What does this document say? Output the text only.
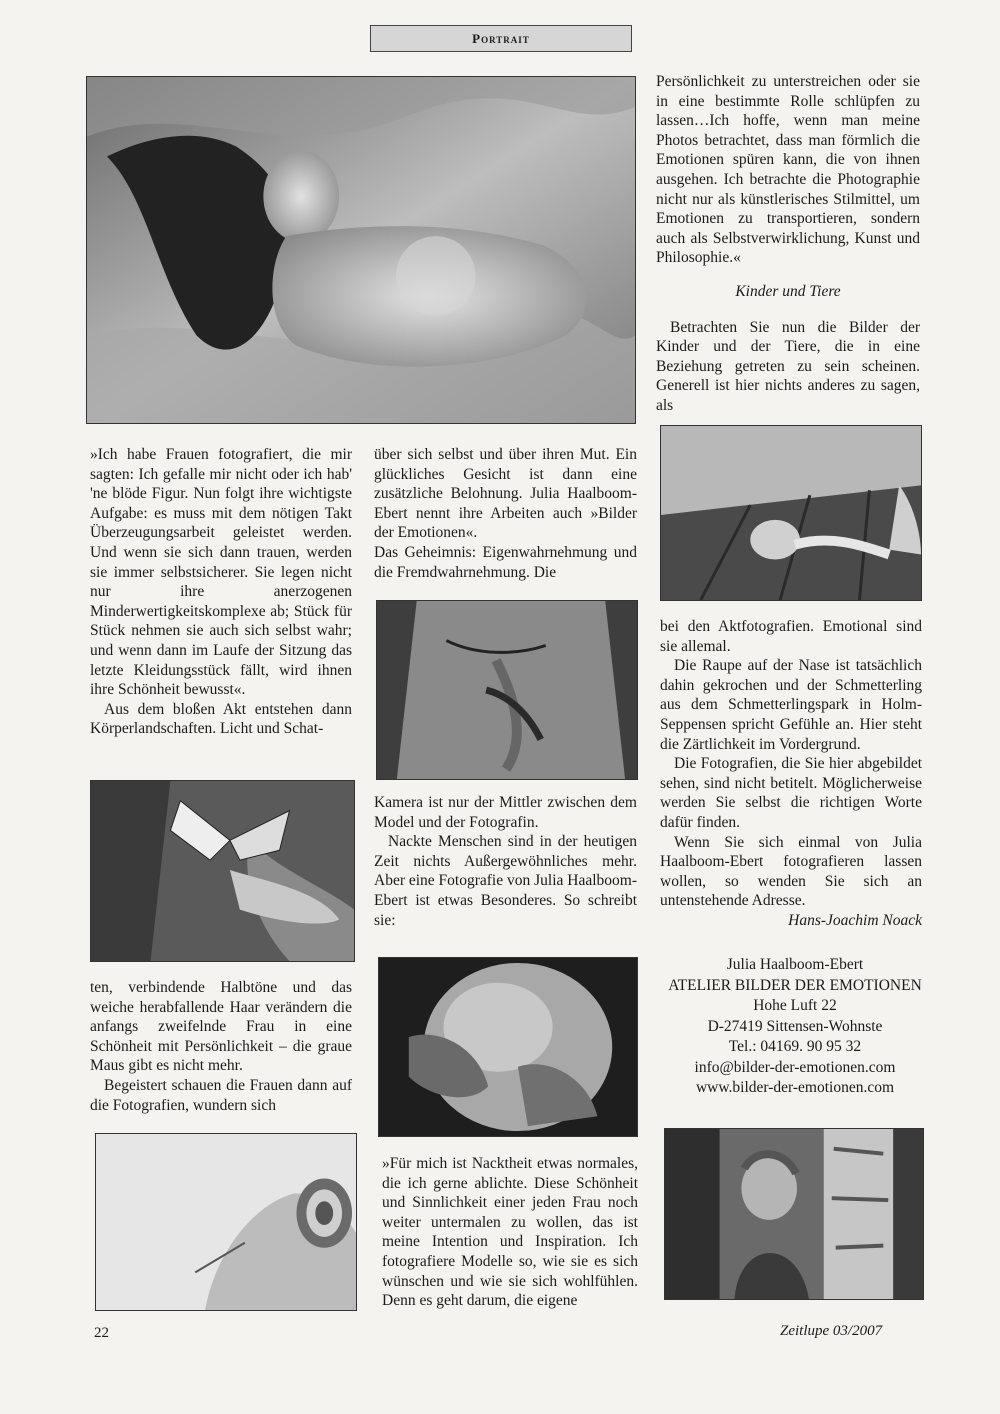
Portrait

»Ich habe Frauen fotografiert, die mir sagten: Ich gefalle mir nicht oder ich hab' 'ne blöde Figur. Nun folgt ihre wichtigste Aufgabe: es muss mit dem nötigen Takt Überzeugungsarbeit geleistet werden. Und wenn sie sich dann trauen, werden sie immer selbstsicherer. Sie legen nicht nur ihre anerzogenen Minderwertigkeitskomplexe ab; Stück für Stück nehmen sie auch sich selbst wahr; und wenn dann im Laufe der Sitzung das letzte Kleidungsstück fällt, wird ihnen ihre Schönheit bewusst«.

Aus dem bloßen Akt entstehen dann Körperlandschaften. Licht und Schat-

ten, verbindende Halbtöne und das weiche herabfallende Haar verändern die anfangs zweifelnde Frau in eine Schönheit mit Persönlichkeit – die graue Maus gibt es nicht mehr.

Begeistert schauen die Frauen dann auf die Fotografien, wundern sich

über sich selbst und über ihren Mut. Ein glückliches Gesicht ist dann eine zusätzliche Belohnung. Julia Haalboom-Ebert nennt ihre Arbeiten auch »Bilder der Emotionen«.

Das Geheimnis: Eigenwahrnehmung und die Fremdwahrnehmung. Die

Kamera ist nur der Mittler zwischen dem Model und der Fotografin.

Nackte Menschen sind in der heutigen Zeit nichts Außergewöhnliches mehr. Aber eine Fotografie von Julia Haalboom-Ebert ist etwas Besonderes. So schreibt sie:

»Für mich ist Nacktheit etwas normales, die ich gerne ablichte. Diese Schönheit und Sinnlichkeit einer jeden Frau noch weiter untermalen zu wollen, das ist meine Intention und Inspiration. Ich fotografiere Modelle so, wie sie es sich wünschen und wie sie sich wohlfühlen. Denn es geht darum, die eigene

Persönlichkeit zu unterstreichen oder sie in eine bestimmte Rolle schlüpfen zu lassen…Ich hoffe, wenn man meine Photos betrachtet, dass man förmlich die Emotionen spüren kann, die von ihnen ausgehen. Ich betrachte die Photographie nicht nur als künstlerisches Stilmittel, um Emotionen zu transportieren, sondern auch als Selbstverwirklichung, Kunst und Philosophie.«

Kinder und Tiere

Betrachten Sie nun die Bilder der Kinder und der Tiere, die in eine Beziehung getreten zu sein scheinen. Generell ist hier nichts anderes zu sagen, als

bei den Aktfotografien. Emotional sind sie allemal.

Die Raupe auf der Nase ist tatsächlich dahin gekrochen und der Schmetterling aus dem Schmetterlingspark in Holm-Seppensen spricht Gefühle an. Hier steht die Zärtlichkeit im Vordergrund.

Die Fotografien, die Sie hier abgebildet sehen, sind nicht betitelt. Möglicherweise werden Sie selbst die richtigen Worte dafür finden.

Wenn Sie sich einmal von Julia Haalboom-Ebert fotografieren lassen wollen, so wenden Sie sich an untenstehende Adresse.

Hans-Joachim Noack

Julia Haalboom-Ebert
ATELIER BILDER DER EMOTIONEN
Hohe Luft 22
D-27419 Sittensen-Wohnste
Tel.: 04169. 90 95 32
info@bilder-der-emotionen.com
www.bilder-der-emotionen.com
22	Zeitlupe 03/2007
